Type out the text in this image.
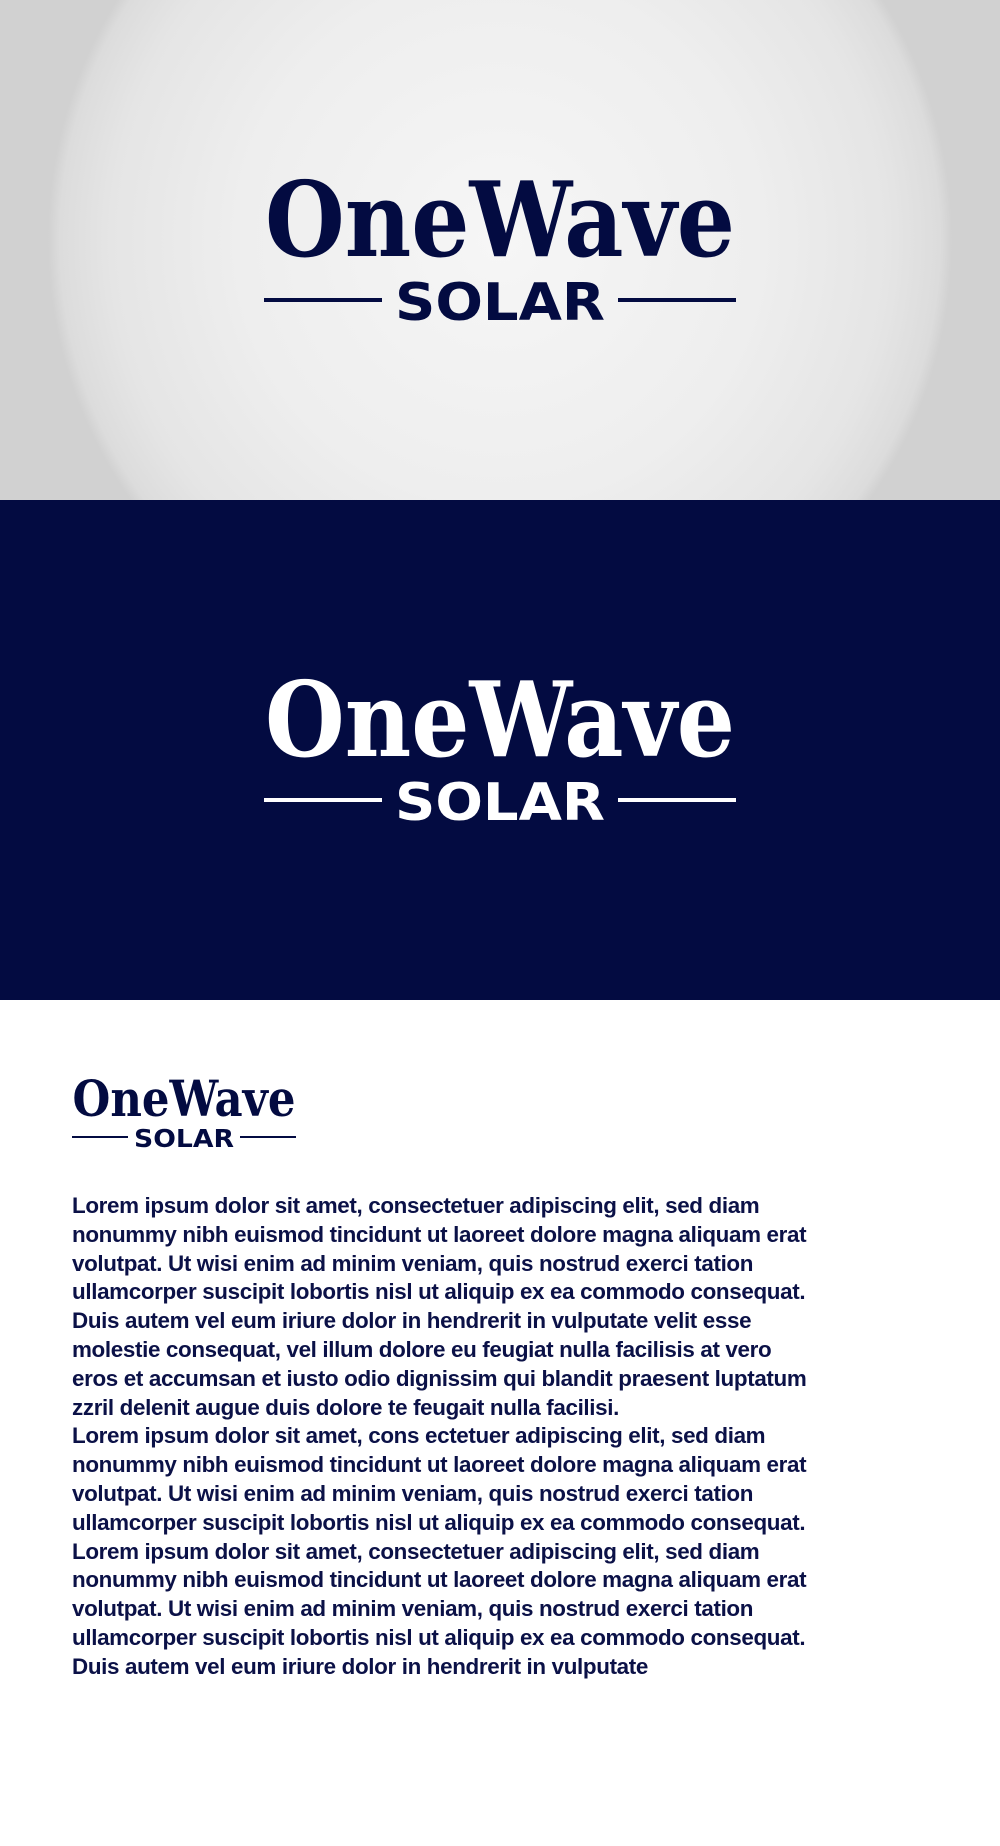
OneWave
SOLAR
OneWave
SOLAR
OneWave
SOLAR

Lorem ipsum dolor sit amet, consectetuer adipiscing elit, sed diam nonummy nibh euismod tincidunt ut laoreet dolore magna aliquam erat volutpat. Ut wisi enim ad minim veniam, quis nostrud exerci tation ullamcorper suscipit lobortis nisl ut aliquip ex ea commodo consequat. Duis autem vel eum iriure dolor in hendrerit in vulputate velit esse molestie consequat, vel illum dolore eu feugiat nulla facilisis at vero eros et accumsan et iusto odio dignissim qui blandit praesent luptatum zzril delenit augue duis dolore te feugait nulla facilisi.

Lorem ipsum dolor sit amet, cons ectetuer adipiscing elit, sed diam nonummy nibh euismod tincidunt ut laoreet dolore magna aliquam erat volutpat. Ut wisi enim ad minim veniam, quis nostrud exerci tation ullamcorper suscipit lobortis nisl ut aliquip ex ea commodo consequat.

Lorem ipsum dolor sit amet, consectetuer adipiscing elit, sed diam nonummy nibh euismod tincidunt ut laoreet dolore magna aliquam erat volutpat. Ut wisi enim ad minim veniam, quis nostrud exerci tation ullamcorper suscipit lobortis nisl ut aliquip ex ea commodo consequat. Duis autem vel eum iriure dolor in hendrerit in vulputate
